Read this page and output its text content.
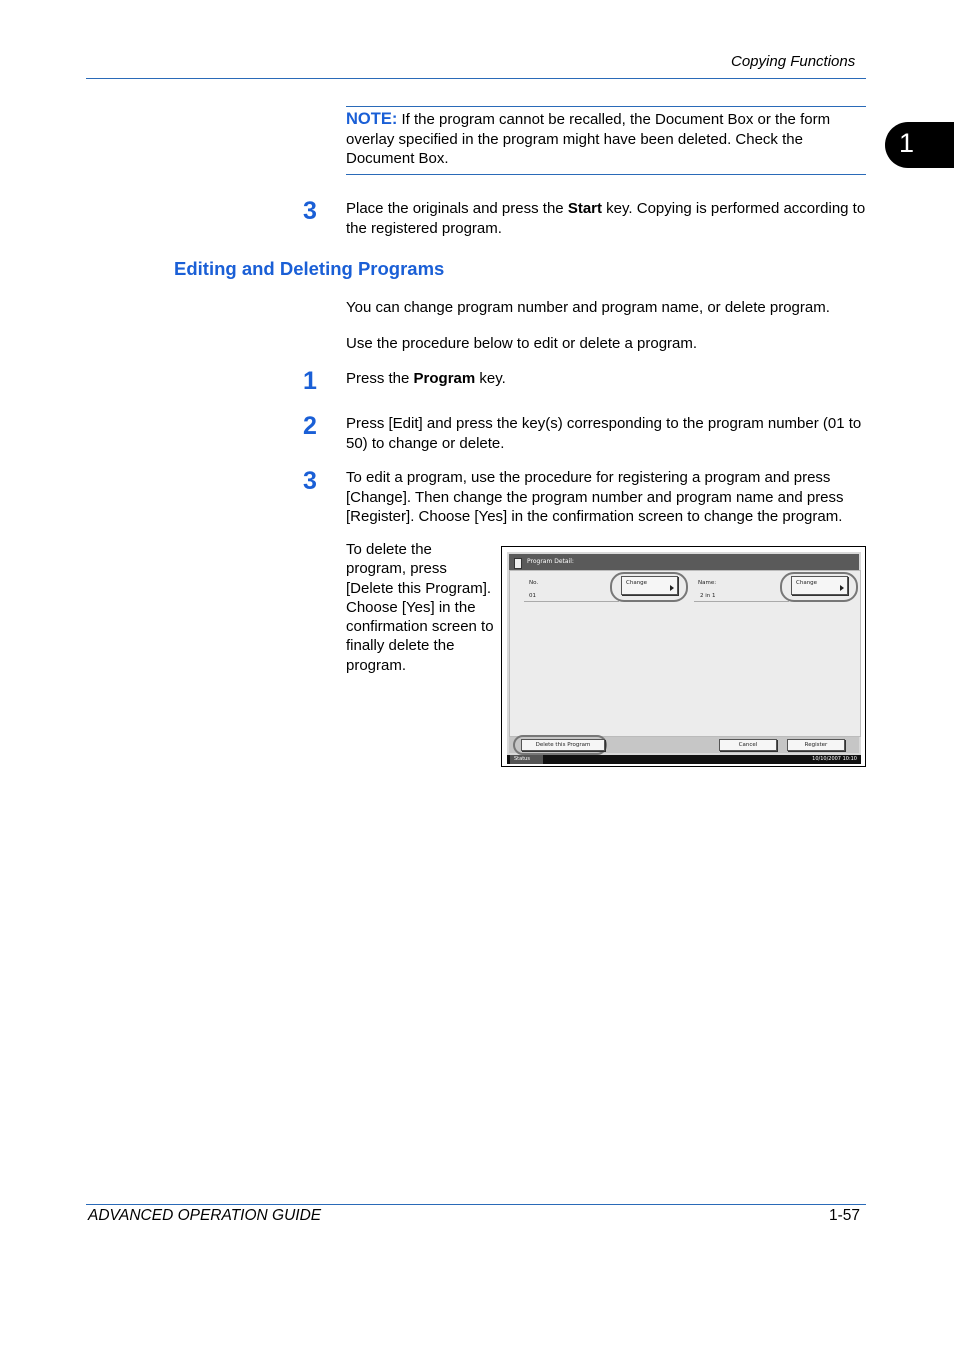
Copying Functions
1
NOTE: If the program cannot be recalled, the Document Box or the form overlay specified in the program might have been deleted. Check the Document Box.
3 Place the originals and press the Start key. Copying is performed according to the registered program.
Editing and Deleting Programs
You can change program number and program name, or delete program.
Use the procedure below to edit or delete a program.
1 Press the Program key.
2 Press [Edit] and press the key(s) corresponding to the program number (01 to 50) to change or delete.
3 To edit a program, use the procedure for registering a program and press [Change]. Then change the program number and program name and press [Register]. Choose [Yes] in the confirmation screen to change the program.
To delete the program, press [Delete this Program]. Choose [Yes] in the confirmation screen to finally delete the program.
Program Detail:
No.
01
Change	Name:
2 in 1
Change
Delete this Program	Cancel	Register
Status	10/10/2007 10:10
ADVANCED OPERATION GUIDE	1-57
